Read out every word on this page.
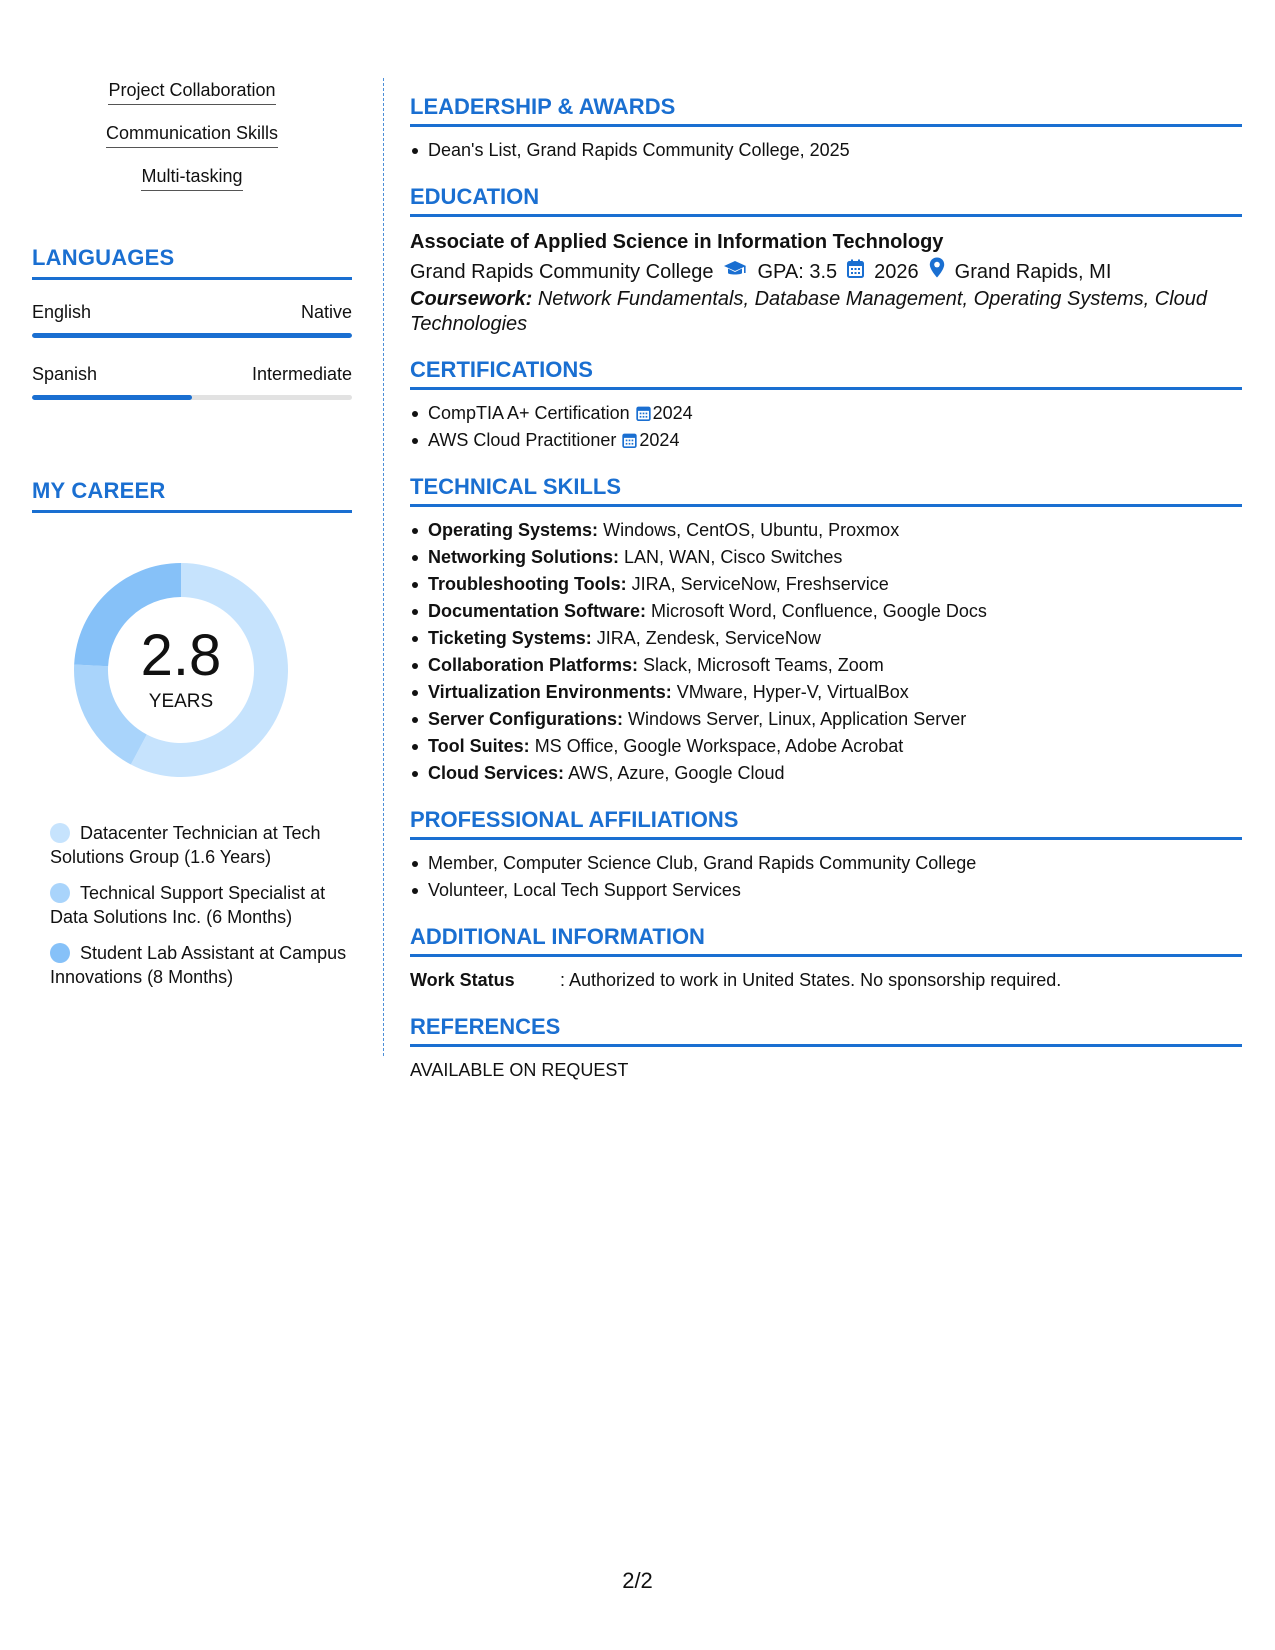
Project Collaboration
Communication Skills
Multi-tasking
LANGUAGES
English	Native
Spanish	Intermediate
MY CAREER
2.8
YEARS
Datacenter Technician at Tech Solutions Group (1.6 Years)
Technical Support Specialist at Data Solutions Inc. (6 Months)
Student Lab Assistant at Campus Innovations (8 Months)
LEADERSHIP & AWARDS
Dean's List, Grand Rapids Community College, 2025
EDUCATION
Associate of Applied Science in Information Technology
Grand Rapids Community College GPA: 3.5 2026 Grand Rapids, MI
Coursework: Network Fundamentals, Database Management, Operating Systems, Cloud Technologies
CERTIFICATIONS
CompTIA A+ Certification 2024
AWS Cloud Practitioner 2024
TECHNICAL SKILLS
Operating Systems: Windows, CentOS, Ubuntu, Proxmox
Networking Solutions: LAN, WAN, Cisco Switches
Troubleshooting Tools: JIRA, ServiceNow, Freshservice
Documentation Software: Microsoft Word, Confluence, Google Docs
Ticketing Systems: JIRA, Zendesk, ServiceNow
Collaboration Platforms: Slack, Microsoft Teams, Zoom
Virtualization Environments: VMware, Hyper-V, VirtualBox
Server Configurations: Windows Server, Linux, Application Server
Tool Suites: MS Office, Google Workspace, Adobe Acrobat
Cloud Services: AWS, Azure, Google Cloud
PROFESSIONAL AFFILIATIONS
Member, Computer Science Club, Grand Rapids Community College
Volunteer, Local Tech Support Services
ADDITIONAL INFORMATION
Work Status	: Authorized to work in United States. No sponsorship required.
REFERENCES
AVAILABLE ON REQUEST
2/2
